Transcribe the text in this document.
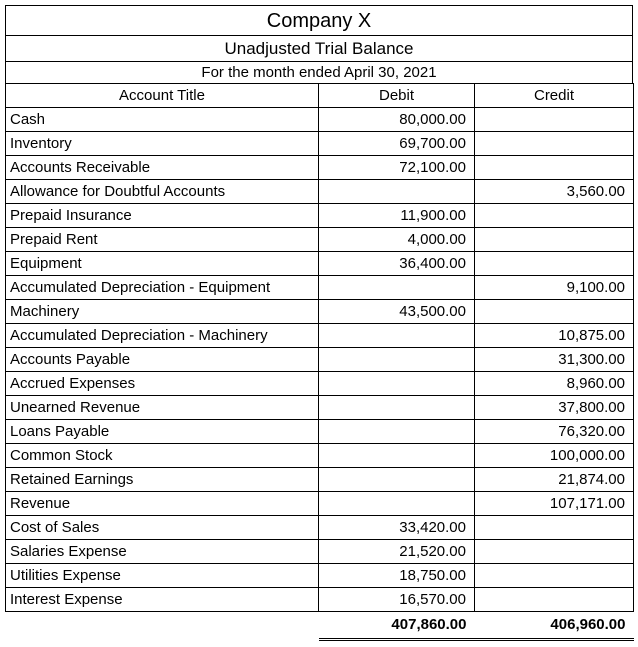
Company X
Unadjusted Trial Balance
For the month ended April 30, 2021
Account Title	Debit	Credit
Cash	80,000.00	
Inventory	69,700.00	
Accounts Receivable	72,100.00	
Allowance for Doubtful Accounts		3,560.00
Prepaid Insurance	11,900.00	
Prepaid Rent	4,000.00	
Equipment	36,400.00	
Accumulated Depreciation - Equipment		9,100.00
Machinery	43,500.00	
Accumulated Depreciation - Machinery		10,875.00
Accounts Payable		31,300.00
Accrued Expenses		8,960.00
Unearned Revenue		37,800.00
Loans Payable		76,320.00
Common Stock		100,000.00
Retained Earnings		21,874.00
Revenue		107,171.00
Cost of Sales	33,420.00	
Salaries Expense	21,520.00	
Utilities Expense	18,750.00	
Interest Expense	16,570.00	
	407,860.00	406,960.00
